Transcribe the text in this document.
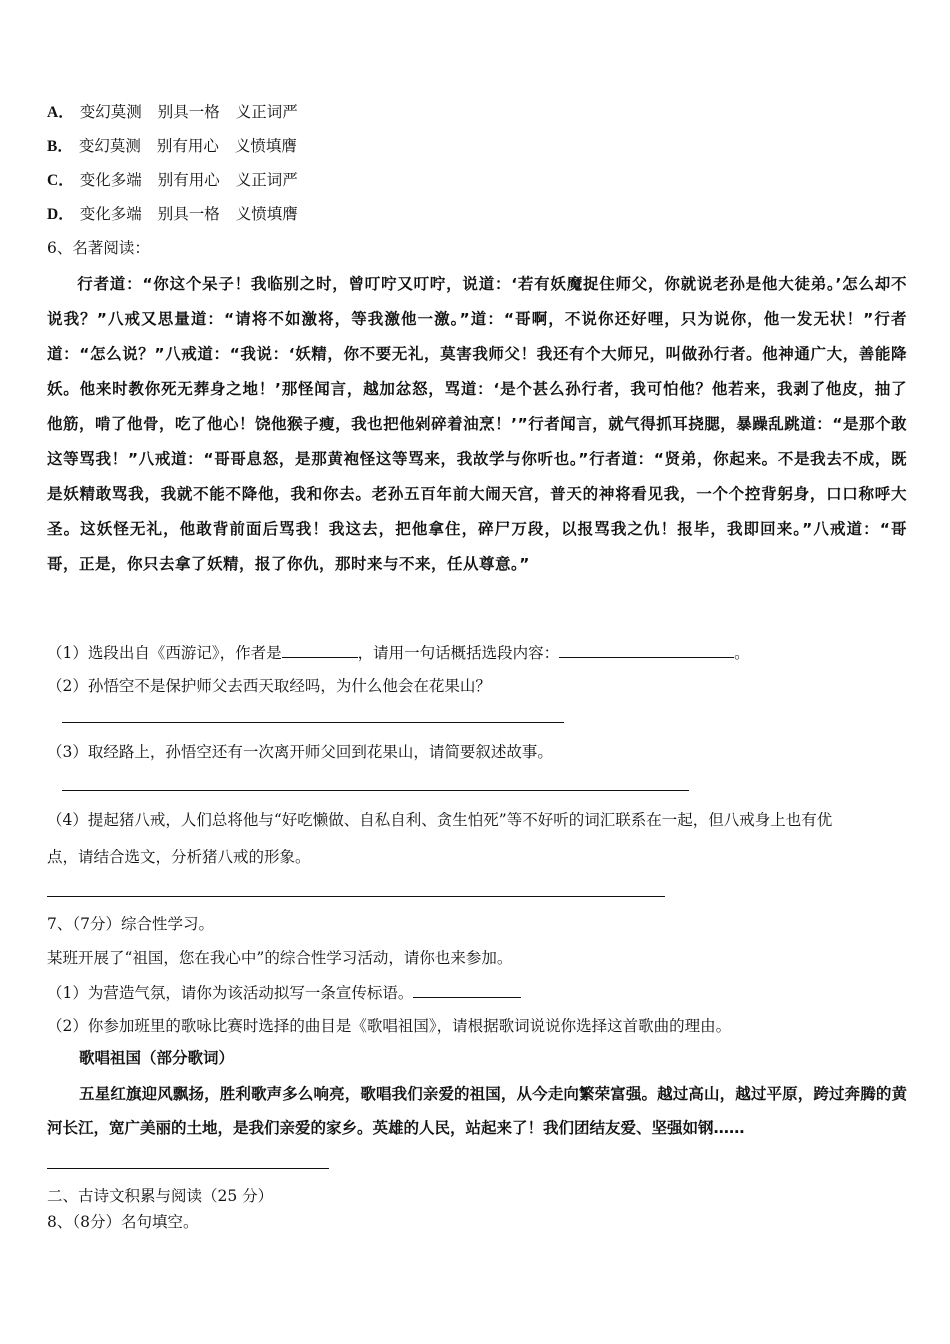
A． 变幻莫测 别具一格 义正词严
B． 变幻莫测 别有用心 义愤填膺
C． 变化多端 别有用心 义正词严
D． 变化多端 别具一格 义愤填膺
6、名著阅读：
行者道：“你这个呆子！我临别之时，曾叮咛又叮咛，说道：‘若有妖魔捉住师父，你就说老孙是他大徒弟。’怎么却不说我？”八戒又思量道：“请将不如激将，等我激他一激。”道：“哥啊，不说你还好哩，只为说你，他一发无状！”行者道：“怎么说？”八戒道：“我说：‘妖精，你不要无礼，莫害我师父！我还有个大师兄，叫做孙行者。他神通广大，善能降妖。他来时教你死无葬身之地！’那怪闻言，越加忿怒，骂道：‘是个甚么孙行者，我可怕他？他若来，我剥了他皮，抽了他筋，啃了他骨，吃了他心！饶他猴子瘦，我也把他剁碎着油烹！’”行者闻言，就气得抓耳挠腮，暴躁乱跳道：“是那个敢这等骂我！”八戒道：“哥哥息怒，是那黄袍怪这等骂来，我故学与你听也。”行者道：“贤弟，你起来。不是我去不成，既是妖精敢骂我，我就不能不降他，我和你去。老孙五百年前大闹天宫，普天的神将看见我，一个个控背躬身，口口称呼大圣。这妖怪无礼，他敢背前面后骂我！我这去，把他拿住，碎尸万段，以报骂我之仇！报毕，我即回来。”八戒道：“哥哥，正是，你只去拿了妖精，报了你仇，那时来与不来，任从尊意。”
（1）选段出自《西游记》，作者是	，请用一句话概括选段内容：	。
（2）孙悟空不是保护师父去西天取经吗，为什么他会在花果山？
（3）取经路上，孙悟空还有一次离开师父回到花果山，请简要叙述故事。
（4）提起猪八戒，人们总将他与“好吃懒做、自私自利、贪生怕死”等不好听的词汇联系在一起，但八戒身上也有优
点，请结合选文，分析猪八戒的形象。
7、（7分）综合性学习。
某班开展了“祖国，您在我心中”的综合性学习活动，请你也来参加。
（1）为营造气氛，请你为该活动拟写一条宣传标语。
（2）你参加班里的歌咏比赛时选择的曲目是《歌唱祖国》，请根据歌词说说你选择这首歌曲的理由。
歌唱祖国（部分歌词）
五星红旗迎风飘扬，胜利歌声多么响亮，歌唱我们亲爱的祖国，从今走向繁荣富强。越过高山，越过平原，跨过奔腾的黄河长江，宽广美丽的土地，是我们亲爱的家乡。英雄的人民，站起来了！我们团结友爱、坚强如钢……
二、古诗文积累与阅读（25 分）
8、（8分）名句填空。
